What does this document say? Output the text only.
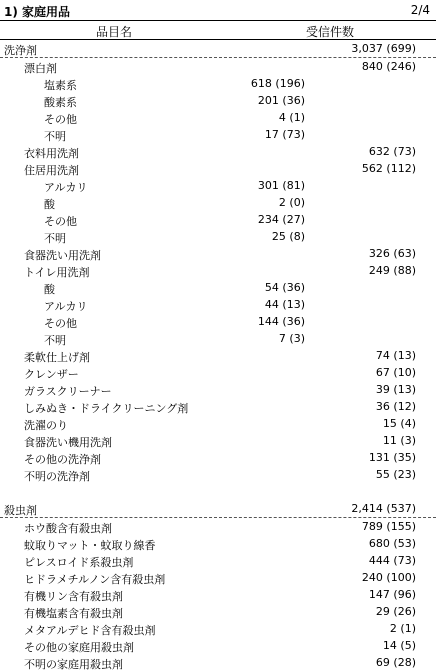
1) 家庭用品	2/4
品目名	受信件数
洗浄剤	3,037 (699)
漂白剤	840 (246)
塩素系	618 (196)
酸素系	201 (36)
その他	4 (1)
不明	17 (73)
衣料用洗剤	632 (73)
住居用洗剤	562 (112)
アルカリ	301 (81)
酸	2 (0)
その他	234 (27)
不明	25 (8)
食器洗い用洗剤	326 (63)
トイレ用洗剤	249 (88)
酸	54 (36)
アルカリ	44 (13)
その他	144 (36)
不明	7 (3)
柔軟仕上げ剤	74 (13)
クレンザー	67 (10)
ガラスクリーナー	39 (13)
しみぬき・ドライクリーニング剤	36 (12)
洗濯のり	15 (4)
食器洗い機用洗剤	11 (3)
その他の洗浄剤	131 (35)
不明の洗浄剤	55 (23)
殺虫剤	2,414 (537)
ホウ酸含有殺虫剤	789 (155)
蚊取りマット・蚊取り線香	680 (53)
ピレスロイド系殺虫剤	444 (73)
ヒドラメチルノン含有殺虫剤	240 (100)
有機リン含有殺虫剤	147 (96)
有機塩素含有殺虫剤	29 (26)
メタアルデヒド含有殺虫剤	2 (1)
その他の家庭用殺虫剤	14 (5)
不明の家庭用殺虫剤	69 (28)
